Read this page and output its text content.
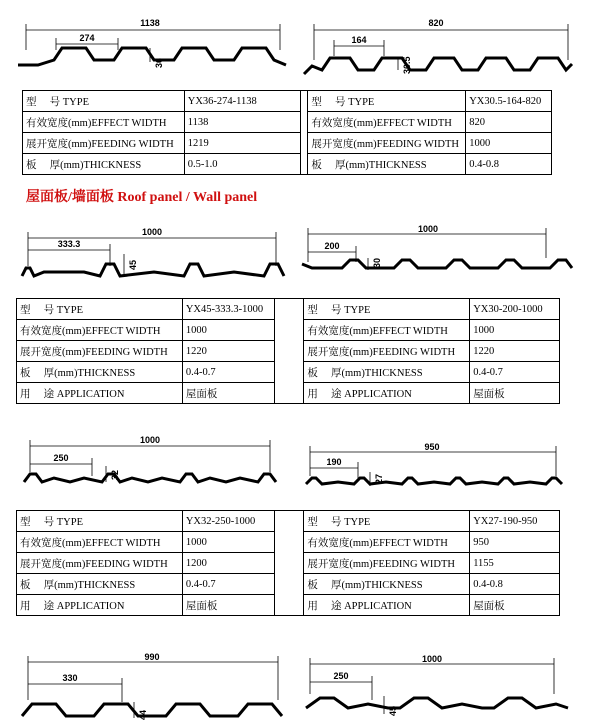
1138
274
36
820
164
30.5
1000
333.3
45
1000
200
30
1000
250
32
950
190
27
990
330
44
1000
250
45
型　 号 TYPE	YX36-274-1138		型　 号 TYPE	YX30.5-164-820
有效宽度(mm)EFFECT WIDTH	1138		有效宽度(mm)EFFECT WIDTH	820
展开宽度(mm)FEEDING WIDTH	1219		展开宽度(mm)FEEDING WIDTH	1000
板　 厚(mm)THICKNESS	0.5-1.0		板　 厚(mm)THICKNESS	0.4-0.8
屋面板/墙面板 Roof panel / Wall panel
型　 号 TYPE	YX45-333.3-1000		型　 号 TYPE	YX30-200-1000
有效宽度(mm)EFFECT WIDTH	1000		有效宽度(mm)EFFECT WIDTH	1000
展开宽度(mm)FEEDING WIDTH	1220		展开宽度(mm)FEEDING WIDTH	1220
板　 厚(mm)THICKNESS	0.4-0.7		板　 厚(mm)THICKNESS	0.4-0.7
用　 途 APPLICATION	屋面板		用　 途 APPLICATION	屋面板
型　 号 TYPE	YX32-250-1000		型　 号 TYPE	YX27-190-950
有效宽度(mm)EFFECT WIDTH	1000		有效宽度(mm)EFFECT WIDTH	950
展开宽度(mm)FEEDING WIDTH	1200		展开宽度(mm)FEEDING WIDTH	1155
板　 厚(mm)THICKNESS	0.4-0.7		板　 厚(mm)THICKNESS	0.4-0.8
用　 途 APPLICATION	屋面板		用　 途 APPLICATION	屋面板
